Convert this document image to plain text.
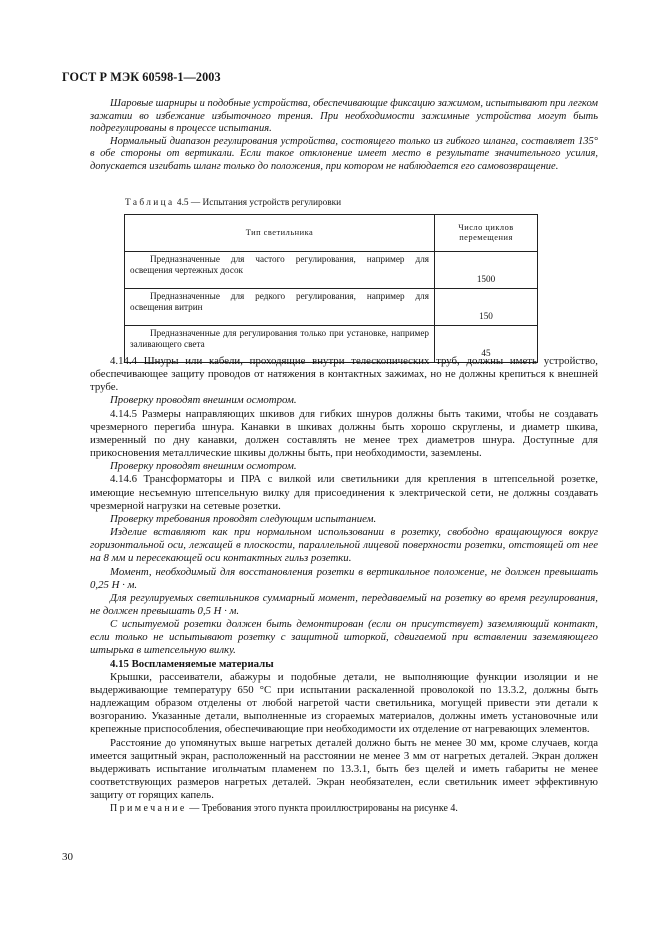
ГОСТ Р МЭК 60598-1—2003

Шаровые шарниры и подобные устройства, обеспечивающие фиксацию зажимом, испытывают при легком зажатии во избежание избыточного трения. При необходимости зажимные устройства могут быть подрегулированы в процессе испытания.

Нормальный диапазон регулирования устройства, состоящего только из гибкого шланга, составляет 135° в обе стороны от вертикали. Если такое отклонение имеет место в результате значительного усилия, допускается изгибать шланг только до положения, при котором не наблюдается его самовозвращение.

Таблица 4.5 — Испытания устройств регулировки
Тип светильника	Число циклов перемещения

Предназначенные для частого регулирования, например для освещения чертежных досок	1500

Предназначенные для редкого регулирования, например для освещения витрин	150

Предназначенные для регулирования только при установке, например заливающего света	45

4.14.4 Шнуры или кабели, проходящие внутри телескопических труб, должны иметь устройство, обеспечивающее защиту проводов от натяжения в контактных зажимах, но не должны крепиться к внешней трубе.

Проверку проводят внешним осмотром.

4.14.5 Размеры направляющих шкивов для гибких шнуров должны быть такими, чтобы не создавать чрезмерного перегиба шнура. Канавки в шкивах должны быть хорошо скруглены, и диаметр шкива, измеренный по дну канавки, должен составлять не менее трех диаметров шнура. Доступные для прикосновения металлические шкивы должны быть, при необходимости, заземлены.

Проверку проводят внешним осмотром.

4.14.6 Трансформаторы и ПРА с вилкой или светильники для крепления в штепсельной розетке, имеющие несъемную штепсельную вилку для присоединения к электрической сети, не должны создавать чрезмерной нагрузки на сетевые розетки.

Проверку требования проводят следующим испытанием.

Изделие вставляют как при нормальном использовании в розетку, свободно вращающуюся вокруг горизонтальной оси, лежащей в плоскости, параллельной лицевой поверхности розетки, отстоящей от нее на 8 мм и пересекающей оси контактных гильз розетки.

Момент, необходимый для восстановления розетки в вертикальное положение, не должен превышать 0,25 Н · м.

Для регулируемых светильников суммарный момент, передаваемый на розетку во время регулирования, не должен превышать 0,5 Н · м.

С испытуемой розетки должен быть демонтирован (если он присутствует) заземляющий контакт, если только не испытывают розетку с защитной шторкой, сдвигаемой при вставлении заземляющего штырька в штепсельную вилку.

4.15 Воспламеняемые материалы

Крышки, рассеиватели, абажуры и подобные детали, не выполняющие функции изоляции и не выдерживающие температуру 650 °С при испытании раскаленной проволокой по 13.3.2, должны быть надлежащим образом отделены от любой нагретой части светильника, могущей привести эти детали к возгоранию. Указанные детали, выполненные из сгораемых материалов, должны иметь установочные или крепежные приспособления, обеспечивающие при необходимости их отделение от нагревающих элементов.

Расстояние до упомянутых выше нагретых деталей должно быть не менее 30 мм, кроме случаев, когда имеется защитный экран, расположенный на расстоянии не менее 3 мм от нагретых деталей. Экран должен выдерживать испытание игольчатым пламенем по 13.3.1, быть без щелей и иметь габариты не менее соответствующих размеров нагретых деталей. Экран необязателен, если светильник имеет эффективную защиту от горящих капель.

Примечание — Требования этого пункта проиллюстрированы на рисунке 4.

30
